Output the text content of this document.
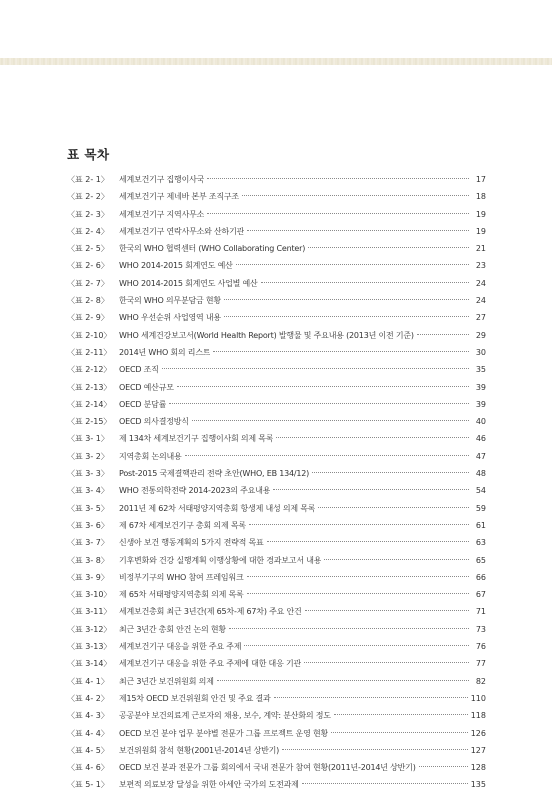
표 목차
〈표 2- 1〉	세계보건기구 집행이사국	17
〈표 2- 2〉	세계보건기구 제네바 본부 조직구조	18
〈표 2- 3〉	세계보건기구 지역사무소	19
〈표 2- 4〉	세계보건기구 연락사무소와 산하기관	19
〈표 2- 5〉	한국의 WHO 협력센터 (WHO Collaborating Center)	21
〈표 2- 6〉	WHO 2014-2015 회계연도 예산	23
〈표 2- 7〉	WHO 2014-2015 회계연도 사업별 예산	24
〈표 2- 8〉	한국의 WHO 의무분담금 현황	24
〈표 2- 9〉	WHO 우선순위 사업영역 내용	27
〈표 2-10〉 WHO 세계건강보고서(World Health Report) 발행물 및 주요내용 (2013년 이전 기준)	29
〈표 2-11〉 2014년 WHO 회의 리스트	30
〈표 2-12〉 OECD 조직	35
〈표 2-13〉 OECD 예산규모	39
〈표 2-14〉 OECD 분담률	39
〈표 2-15〉 OECD 의사결정방식	40
〈표 3- 1〉	제 134차 세계보건기구 집행이사회 의제 목록	46
〈표 3- 2〉	지역총회 논의내용	47
〈표 3- 3〉	Post-2015 국제결핵관리 전략 초안(WHO, EB 134/12)	48
〈표 3- 4〉	WHO 전통의학전략 2014-2023의 주요내용	54
〈표 3- 5〉	2011년 제 62차 서태평양지역총회 항생제 내성 의제 목록	59
〈표 3- 6〉	제 67차 세계보건기구 총회 의제 목록	61
〈표 3- 7〉	신생아 보건 행동계획의 5가지 전략적 목표	63
〈표 3- 8〉	기후변화와 건강 실행계획 이행상황에 대한 경과보고서 내용	65
〈표 3- 9〉	비정부기구의 WHO 참여 프레임워크	66
〈표 3-10〉 제 65차 서태평양지역총회 의제 목록	67
〈표 3-11〉 세계보건총회 최근 3년간(제 65차-제 67차) 주요 안건	71
〈표 3-12〉 최근 3년간 총회 안건 논의 현황	73
〈표 3-13〉 세계보건기구 대응을 위한 주요 주제	76
〈표 3-14〉 세계보건기구 대응을 위한 주요 주제에 대한 대응 기관	77
〈표 4- 1〉	최근 3년간 보건위원회 의제	82
〈표 4- 2〉	제15차 OECD 보건위원회 안건 및 주요 결과	110
〈표 4- 3〉	공공분야 보건의료계 근로자의 채용, 보수, 계약: 분산화의 정도	118
〈표 4- 4〉	OECD 보건 분야 업무 분야별 전문가 그룹 프로젝트 운영 현황	126
〈표 4- 5〉	보건위원회 참석 현황(2001년-2014년 상반기)	127
〈표 4- 6〉	OECD 보건 분과 전문가 그룹 회의에서 국내 전문가 참여 현황(2011년-2014년 상반기)	128
〈표 5- 1〉	보편적 의료보장 달성을 위한 아세안 국가의 도전과제	135
